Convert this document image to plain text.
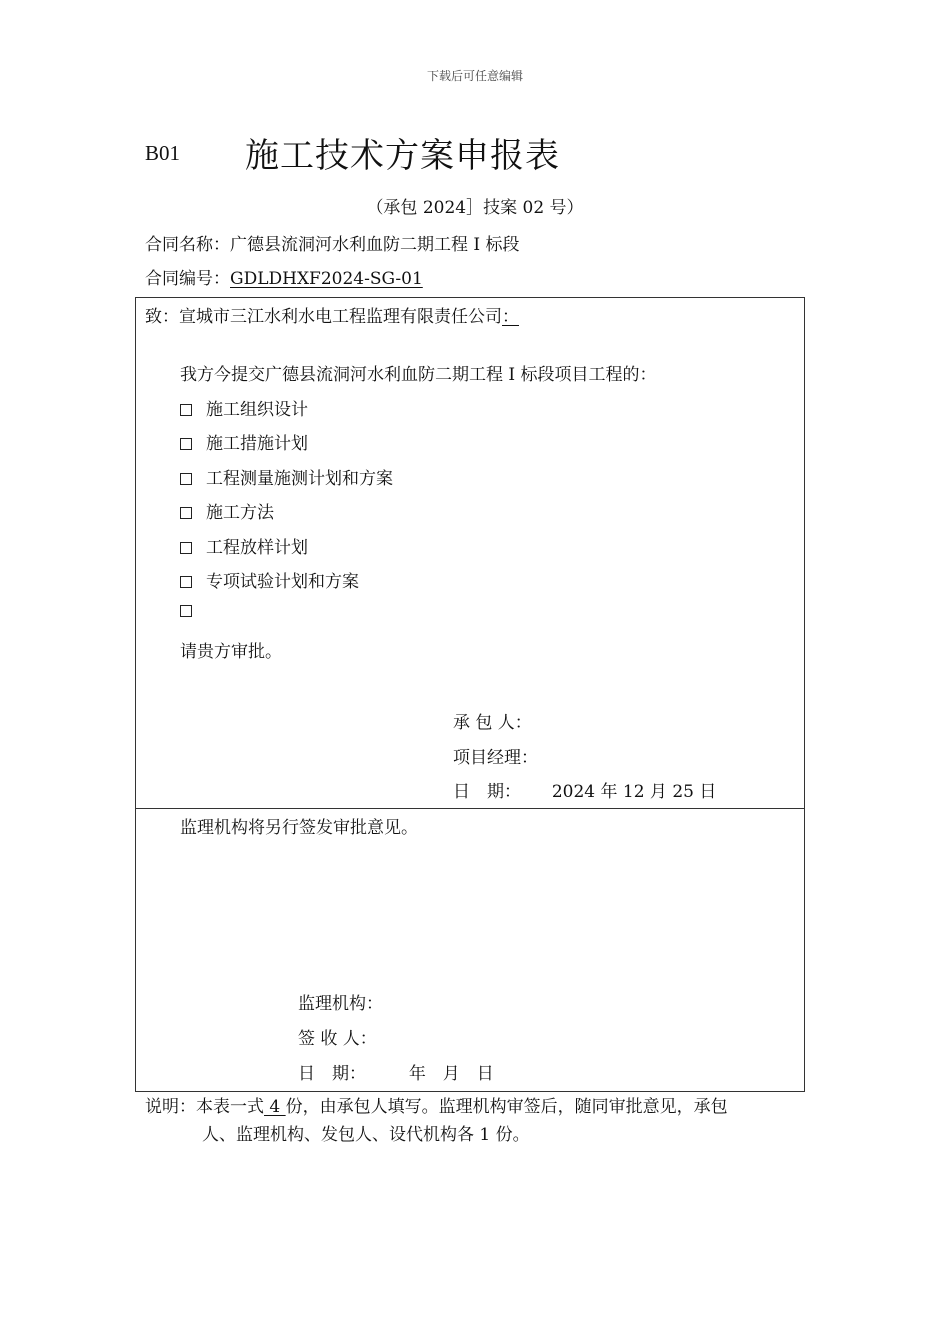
下载后可任意编辑
B01 施工技术方案申报表
（承包 2024］技案 02 号）
合同名称：广德县流洞河水利血防二期工程 I 标段
合同编号：GDLDHXF2024-SG-01
致：宣城市三江水利水电工程监理有限责任公司：
我方今提交广德县流洞河水利血防二期工程 I 标段项目工程的：
施工组织设计
施工措施计划
工程测量施测计划和方案
施工方法
工程放样计划
专项试验计划和方案
请贵方审批。
承 包 人：
项目经理：
日　期： 2024 年 12 月 25 日
监理机构将另行签发审批意见。
监理机构：
签 收 人：
日　期：	年　月　日
说明：本表一式 4 份，由承包人填写。监理机构审签后，随同审批意见，承包
人、监理机构、发包人、设代机构各 1 份。
